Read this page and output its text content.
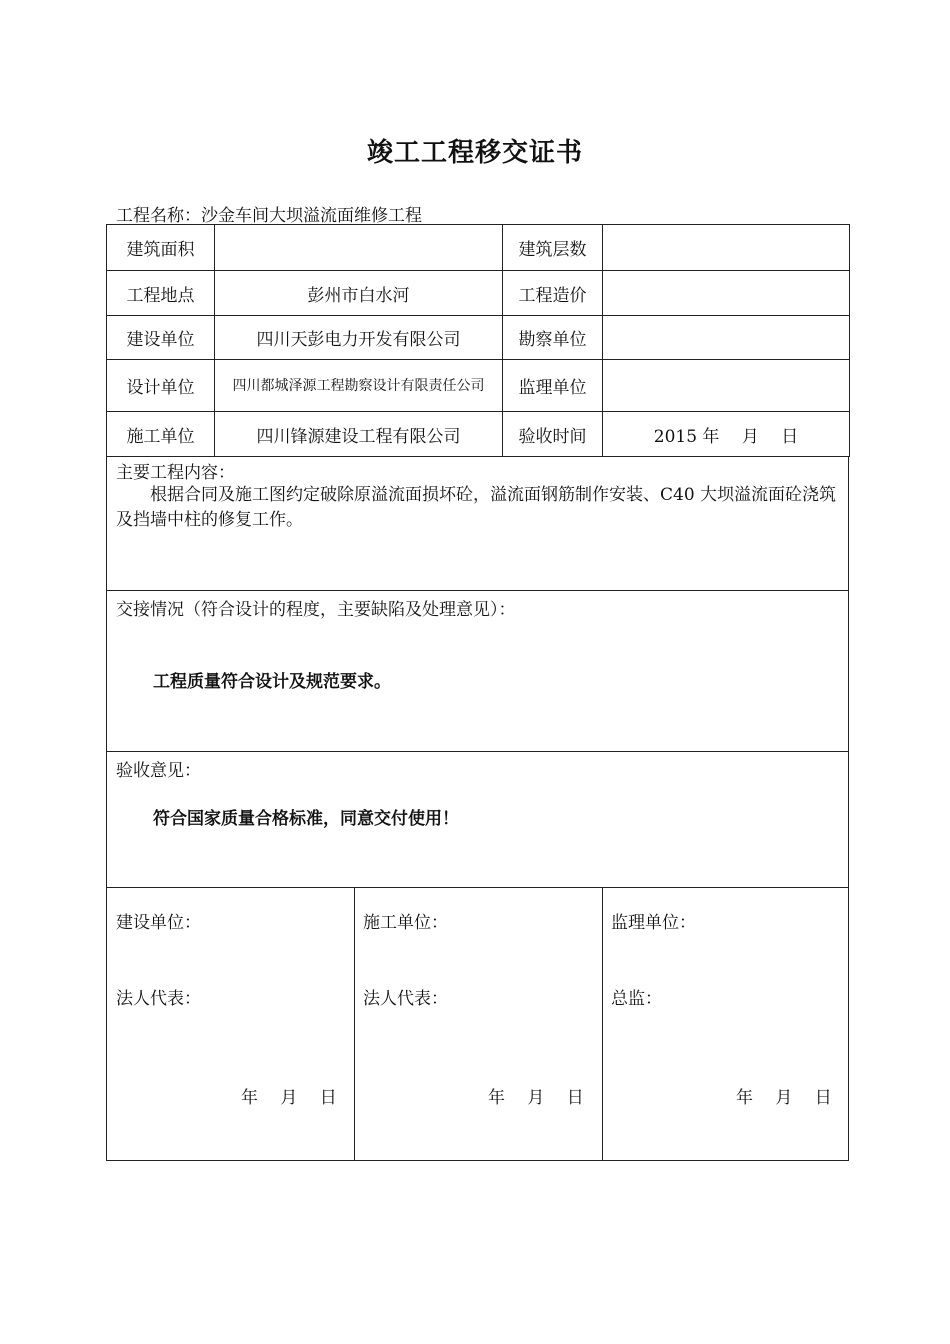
竣工工程移交证书
工程名称：沙金车间大坝溢流面维修工程
建筑面积		建筑层数	
工程地点	彭州市白水河	工程造价	
建设单位	四川天彭电力开发有限公司	勘察单位	
设计单位	四川都城泽源工程勘察设计有限责任公司	监理单位	
施工单位	四川锋源建设工程有限公司	验收时间	2015 年　 月　 日
主要工程内容：
根据合同及施工图约定破除原溢流面损坏砼，溢流面钢筋制作安装、C40 大坝溢流面砼浇筑及挡墙中柱的修复工作。
交接情况（符合设计的程度，主要缺陷及处理意见）：
工程质量符合设计及规范要求。
验收意见：
符合国家质量合格标准，同意交付使用！
建设单位：
法人代表：
年　 月　 日
施工单位：
法人代表：
年　 月　 日
监理单位：
总监：
年　 月　 日
